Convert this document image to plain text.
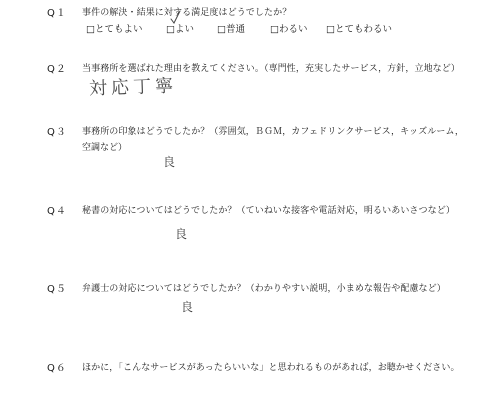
Q１ 事件の解決・結果に対する満足度はどうでしたか？
□とてもよい □よい □普通	□わるい □とてもわるい
Q２ 当事務所を選ばれた理由を教えてください。（専門性，充実したサービス，方針，立地など）
対応丁寧
Q３ 事務所の印象はどうでしたか？（雰囲気，ＢＧＭ，カフェドリンクサービス，キッズルーム，
空調など）
良
Q４ 秘書の対応についてはどうでしたか？（ていねいな接客や電話対応，明るいあいさつなど）
良
Q５ 弁護士の対応についてはどうでしたか？（わかりやすい説明，小まめな報告や配慮など）
良
Q６ ほかに，「こんなサービスがあったらいいな」と思われるものがあれば，お聴かせください。
